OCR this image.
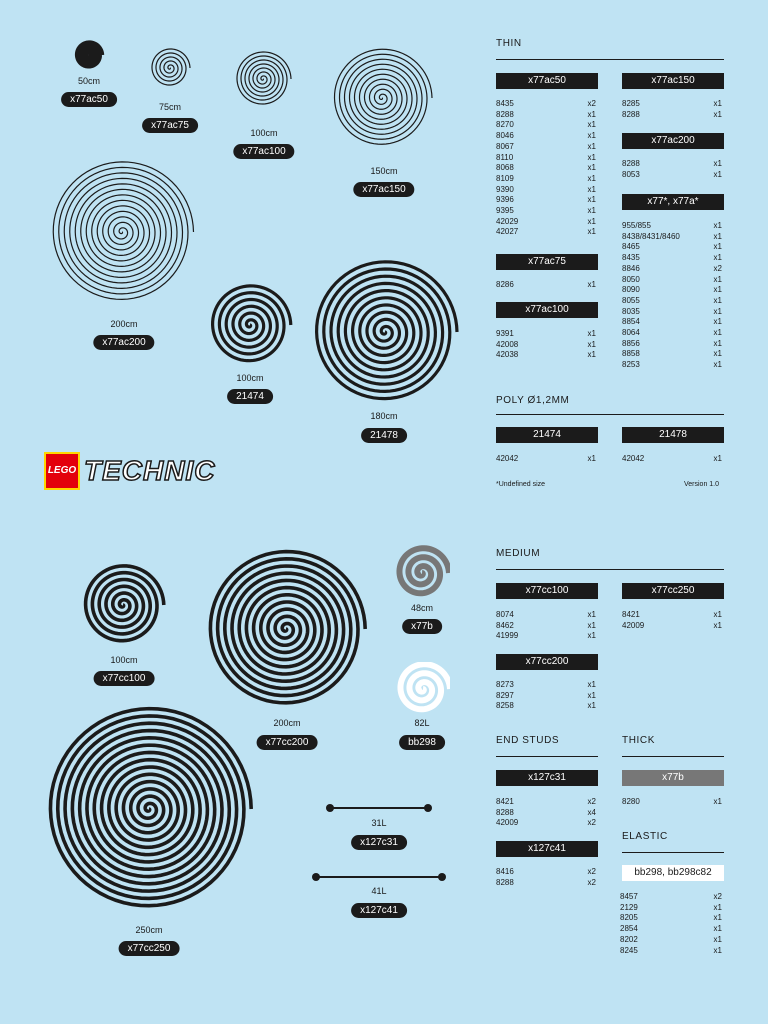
50cm
x77ac50
75cm
x77ac75
100cm
x77ac100
150cm
x77ac150
200cm
x77ac200
100cm
21474
180cm
21478
LEGO TECHNIC
100cm
x77cc100
200cm
x77cc200
48cm
x77b
82L
bb298
250cm
x77cc250
31L
x127c31
41L
x127c41
THIN
x77ac50
8435	x2
8288	x1
8270	x1
8046	x1
8067	x1
8110	x1
8068	x1
8109	x1
9390	x1
9396	x1
9395	x1
42029	x1
42027	x1
x77ac75
8286	x1
x77ac100
9391	x1
42008	x1
42038	x1
x77ac150
8285	x1
8288	x1
x77ac200
8288	x1
8053	x1
x77*, x77a*
955/855	x1
8438/8431/8460	x1
8465	x1
8435	x1
8846	x2
8050	x1
8090	x1
8055	x1
8035	x1
8854	x1
8064	x1
8856	x1
8858	x1
8253	x1
POLY Ø1,2MM
21474
42042	x1
21478
42042	x1
*Undefined size	Version 1.0
MEDIUM
x77cc100
8074	x1
8462	x1
41999	x1
x77cc250
8421	x1
42009	x1
x77cc200
8273	x1
8297	x1
8258	x1
END STUDS	THICK
x127c31
8421	x2
8288	x4
42009	x2
x77b
8280	x1
x127c41
8416	x2
8288	x2
ELASTIC
bb298, bb298c82
8457	x2
2129	x1
8205	x1
2854	x1
8202	x1
8245	x1
